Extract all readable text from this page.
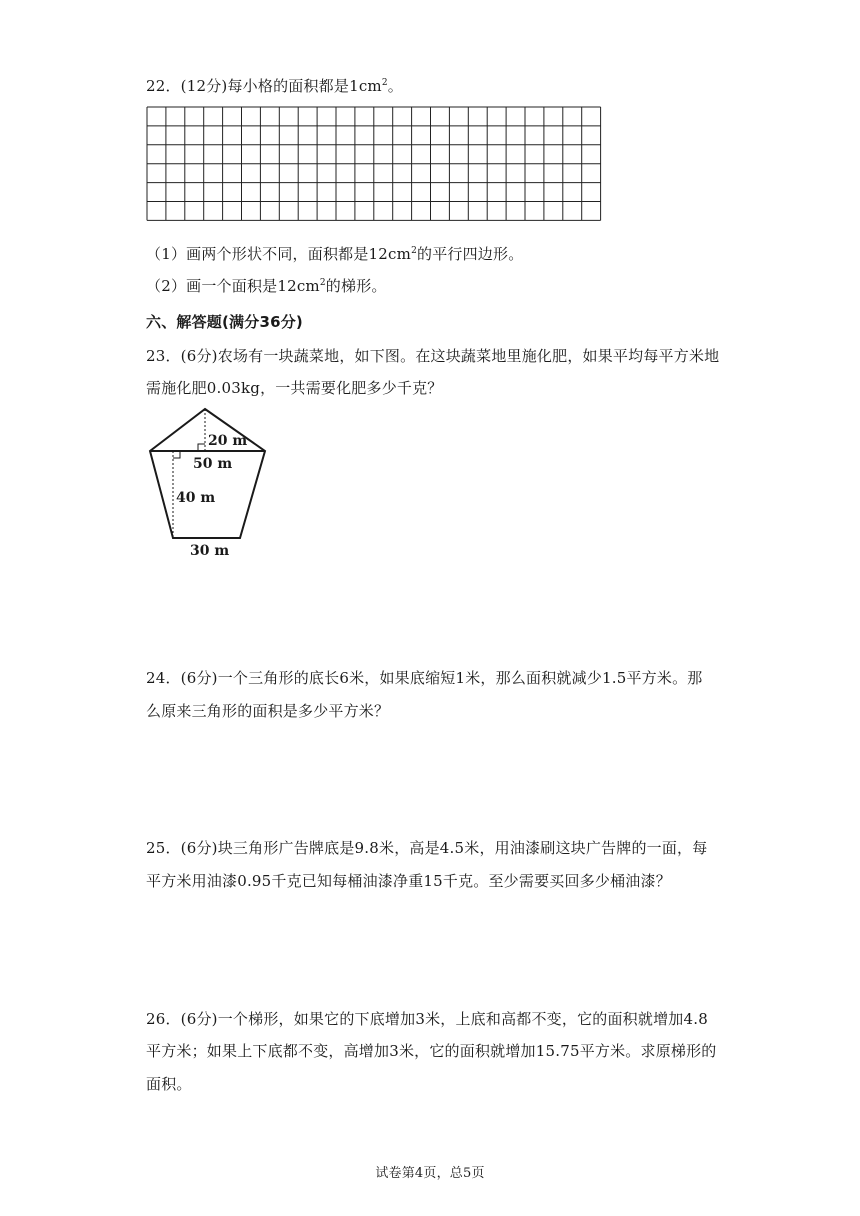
22．(12分)每小格的面积都是$1cm^2$。
（1）画两个形状不同，面积都是$12cm^2$的平行四边形。
（2）画一个面积是$12cm^2$的梯形。
六、解答题(满分36分)
23．(6分)农场有一块蔬菜地，如下图。在这块蔬菜地里施化肥，如果平均每平方米地
需施化肥0.03kg，一共需要化肥多少千克？
20 m
50 m
40 m
30 m
24．(6分)一个三角形的底长6米，如果底缩短1米，那么面积就减少1.5平方米。那
么原来三角形的面积是多少平方米？
25．(6分)块三角形广告牌底是9.8米，高是4.5米，用油漆刷这块广告牌的一面，每
平方米用油漆0.95千克已知每桶油漆净重15千克。至少需要买回多少桶油漆？
26．(6分)一个梯形，如果它的下底增加3米，上底和高都不变，它的面积就增加4.8
平方米；如果上下底都不变，高增加3米，它的面积就增加15.75平方米。求原梯形的
面积。
试卷第4页，总5页
